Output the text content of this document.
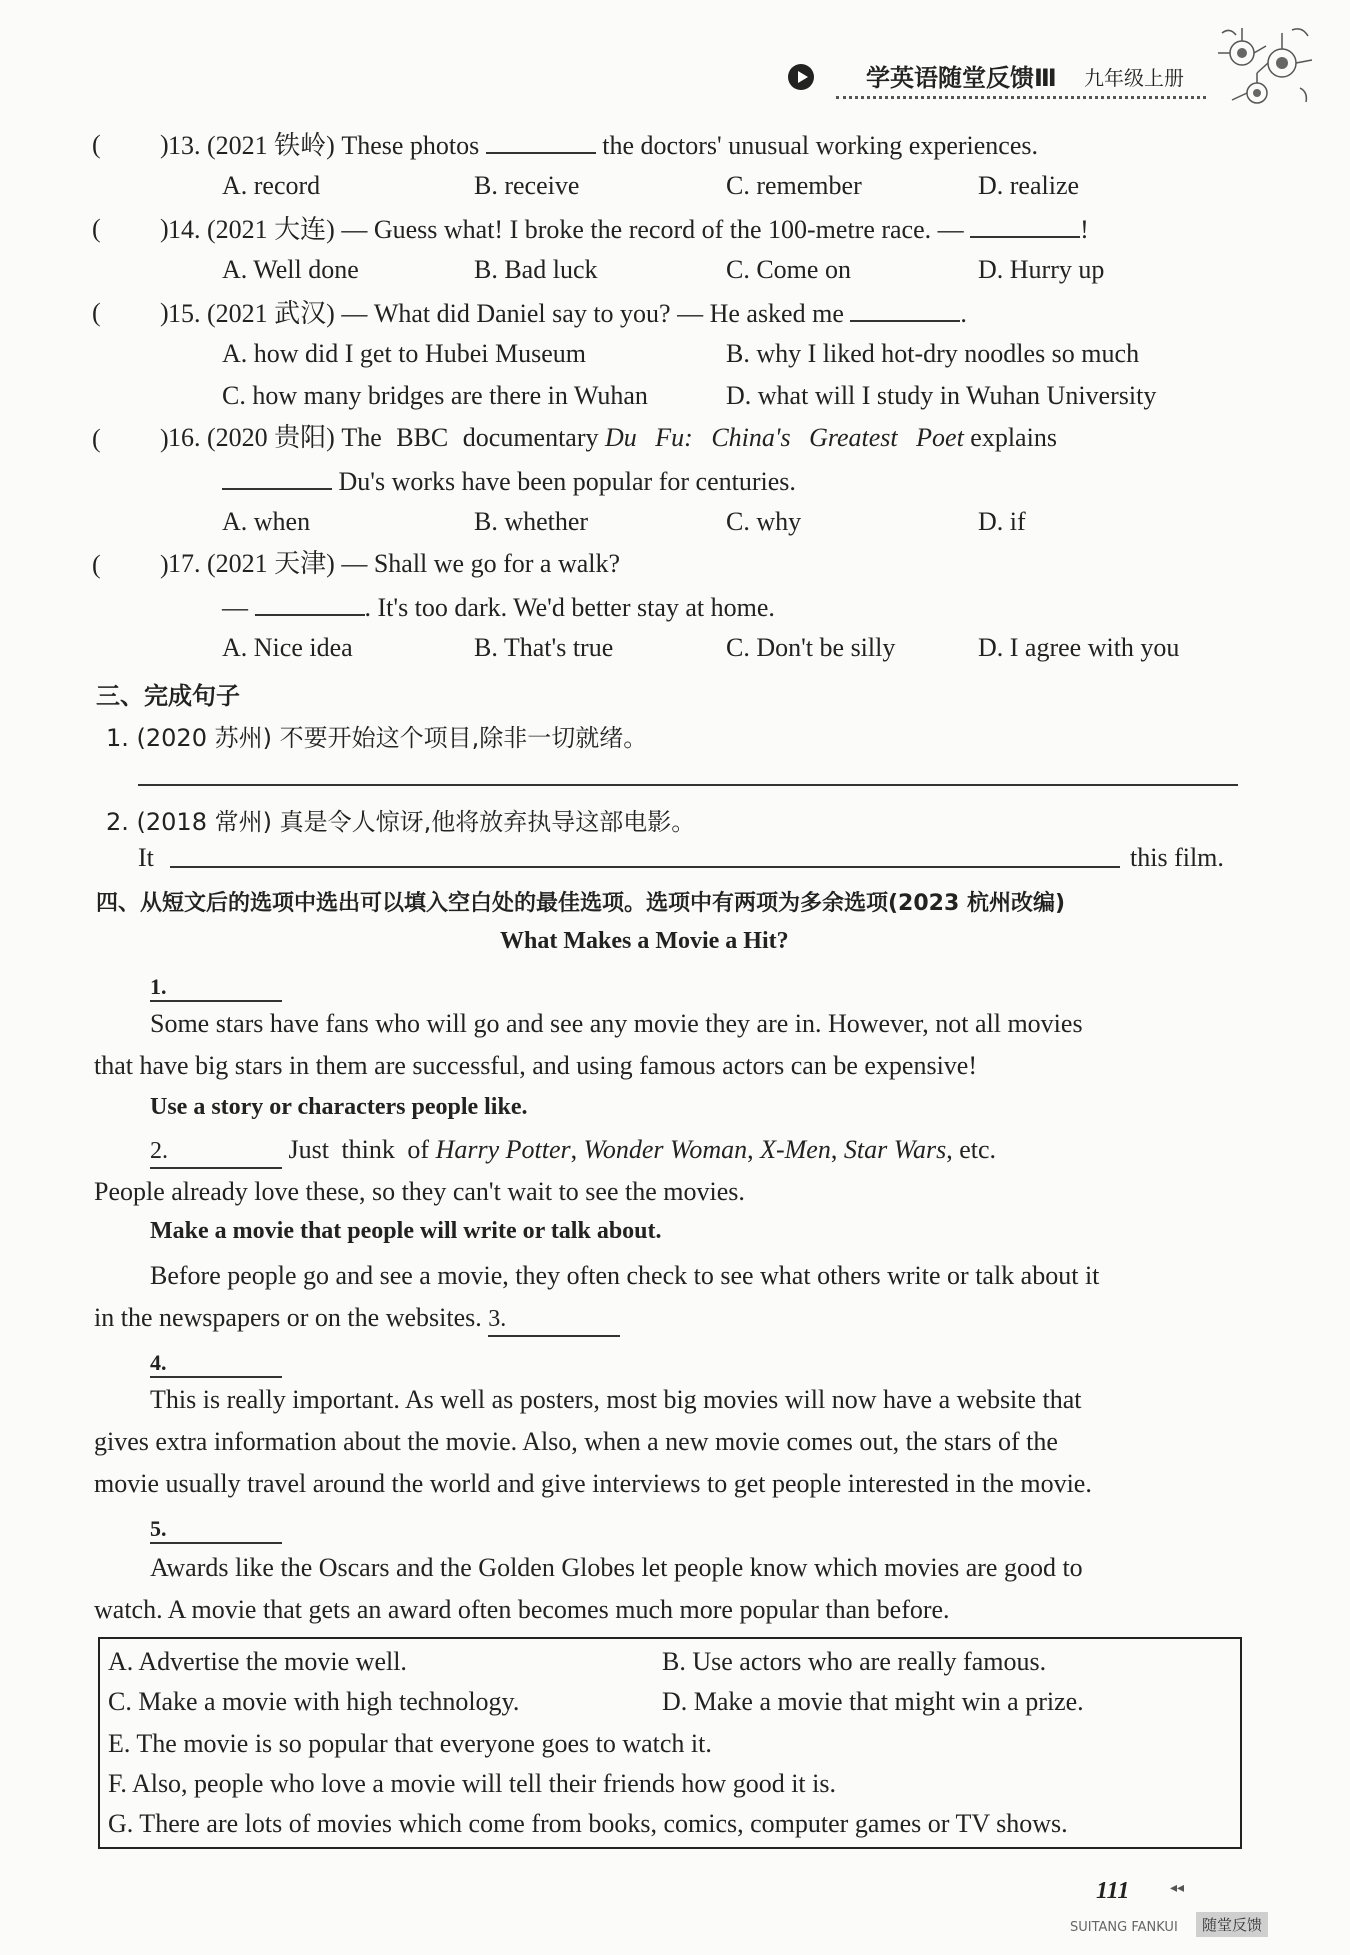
学英语随堂反馈Ⅲ 九年级上册
( ) 13. (2021 铁岭) These photos	the doctors' unusual working experiences.
A. record	B. receive	C. remember	D. realize
( ) 14. (2021 大连) — Guess what! I broke the record of the 100-metre race. —	!
A. Well done	B. Bad luck	C. Come on	D. Hurry up
( ) 15. (2021 武汉) — What did Daniel say to you? — He asked me	.
A. how did I get to Hubei Museum	B. why I liked hot-dry noodles so much
C. how many bridges are there in Wuhan	D. what will I study in Wuhan University
( ) 16. (2020 贵阳) The BBC documentary Du Fu: China's Greatest Poet explains
Du's works have been popular for centuries.
A. when	B. whether	C. why	D. if
( ) 17. (2021 天津) — Shall we go for a walk?
—	. It's too dark. We'd better stay at home.
A. Nice idea	B. That's true	C. Don't be silly	D. I agree with you
三、完成句子
1. (2020 苏州) 不要开始这个项目,除非一切就绪。
2. (2018 常州) 真是令人惊讶,他将放弃执导这部电影。
It	this film.
四、从短文后的选项中选出可以填入空白处的最佳选项。选项中有两项为多余选项(2023 杭州改编)
What Makes a Movie a Hit?
1.
Some stars have fans who will go and see any movie they are in. However, not all movies
that have big stars in them are successful, and using famous actors can be expensive!
Use a story or characters people like.
2.	Just think of Harry Potter, Wonder Woman, X-Men, Star Wars, etc.
People already love these, so they can't wait to see the movies.
Make a movie that people will write or talk about.
Before people go and see a movie, they often check to see what others write or talk about it
in the newspapers or on the websites. 3.
4.
This is really important. As well as posters, most big movies will now have a website that
gives extra information about the movie. Also, when a new movie comes out, the stars of the
movie usually travel around the world and give interviews to get people interested in the movie.
5.
Awards like the Oscars and the Golden Globes let people know which movies are good to
watch. A movie that gets an award often becomes much more popular than before.
A. Advertise the movie well.	B. Use actors who are really famous.
C. Make a movie with high technology.	D. Make a movie that might win a prize.
E. The movie is so popular that everyone goes to watch it.
F. Also, people who love a movie will tell their friends how good it is.
G. There are lots of movies which come from books, comics, computer games or TV shows.
111	◂◂
SUITANG FANKUI	随堂反馈
